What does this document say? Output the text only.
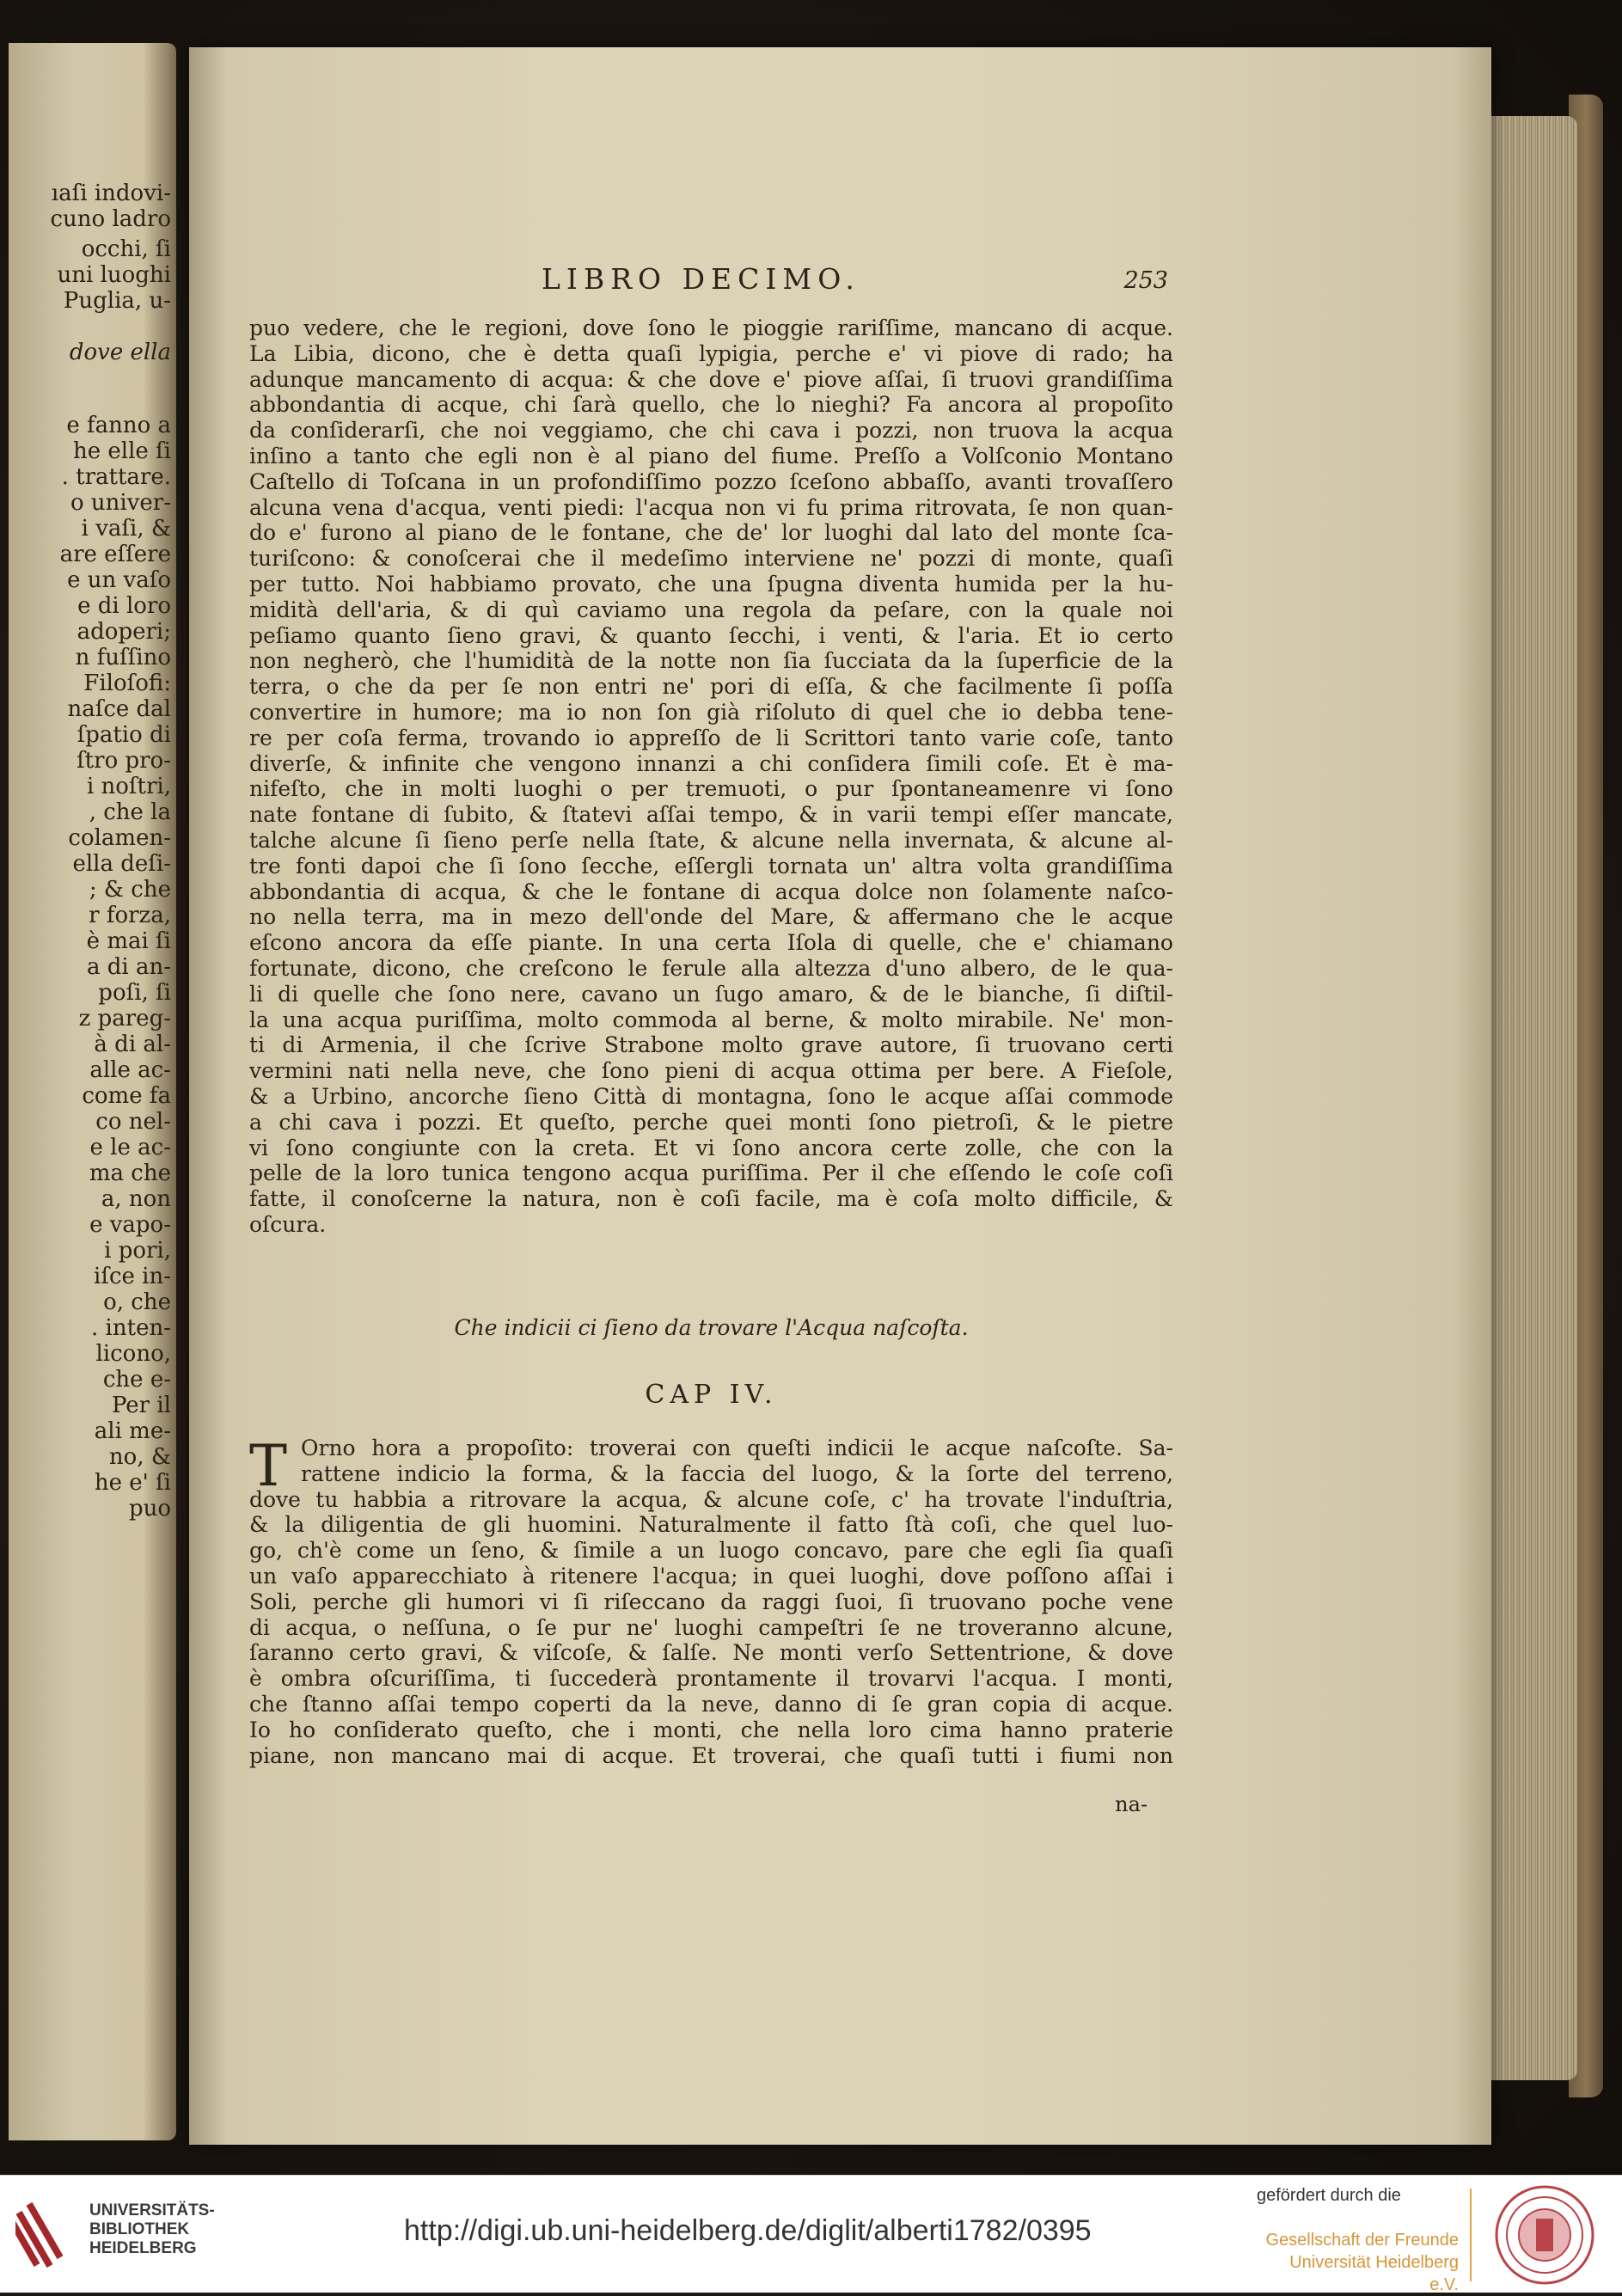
ıaſi indovi-
cuno ladro
occhi, ſi
uni luoghi
Puglia, u-
dove ella
e fanno a
he elle ſi
. trattare.
o univer-
i vaſi, &
are eſſere
e un vaſo
e di loro
adoperi;
n fuſſino
Filoſofi:
naſce dal
ſpatio di
ſtro pro-
i noſtri,
, che la
colamen-
ella deſi-
; & che
r forza,
è mai ſi
a di an-
poſi, ſi
z pareg-
à di al-
alle ac-
come fa
co nel-
e le ac-
ma che
a, non
e vapo-
i pori,
iſce in-
o, che
. inten-
licono,
che e-
Per il
ali me-
no, &
he e' ſi
puo
LIBRO DECIMO.	253
puo vedere, che le regioni, dove ſono le pioggie rariſſime, mancano di acque.
La Libia, dicono, che è detta quaſi lypigia, perche e' vi piove di rado; ha
adunque mancamento di acqua: & che dove e' piove aſſai, ſi truovi grandiſſima
abbondantia di acque, chi ſarà quello, che lo nieghi? Fa ancora al propoſito
da conſiderarſi, che noi veggiamo, che chi cava i pozzi, non truova la acqua
inſino a tanto che egli non è al piano del fiume. Preſſo a Volſconio Montano
Caſtello di Toſcana in un profondiſſimo pozzo ſceſono abbaſſo, avanti trovaſſero
alcuna vena d'acqua, venti piedi: l'acqua non vi fu prima ritrovata, ſe non quan-
do e' furono al piano de le fontane, che de' lor luoghi dal lato del monte ſca-
turiſcono: & conoſcerai che il medeſimo interviene ne' pozzi di monte, quaſi
per tutto. Noi habbiamo provato, che una ſpugna diventa humida per la hu-
midità dell'aria, & di quì caviamo una regola da peſare, con la quale noi
peſiamo quanto ſieno gravi, & quanto ſecchi, i venti, & l'aria. Et io certo
non negherò, che l'humidità de la notte non ſia ſucciata da la ſuperficie de la
terra, o che da per ſe non entri ne' pori di eſſa, & che facilmente ſi poſſa
convertire in humore; ma io non ſon già riſoluto di quel che io debba tene-
re per coſa ferma, trovando io appreſſo de li Scrittori tanto varie coſe, tanto
diverſe, & infinite che vengono innanzi a chi conſidera ſimili coſe. Et è ma-
nifeſto, che in molti luoghi o per tremuoti, o pur ſpontaneamenre vi ſono
nate fontane di ſubito, & ſtatevi aſſai tempo, & in varii tempi eſſer mancate,
talche alcune ſi ſieno perſe nella ſtate, & alcune nella invernata, & alcune al-
tre fonti dapoi che ſi ſono ſecche, eſſergli tornata un' altra volta grandiſſima
abbondantia di acqua, & che le fontane di acqua dolce non ſolamente naſco-
no nella terra, ma in mezo dell'onde del Mare, & affermano che le acque
eſcono ancora da eſſe piante. In una certa Iſola di quelle, che e' chiamano
fortunate, dicono, che creſcono le ferule alla altezza d'uno albero, de le qua-
li di quelle che ſono nere, cavano un ſugo amaro, & de le bianche, ſi diſtil-
la una acqua puriſſima, molto commoda al berne, & molto mirabile. Ne' mon-
ti di Armenia, il che ſcrive Strabone molto grave autore, ſi truovano certi
vermini nati nella neve, che ſono pieni di acqua ottima per bere. A Fieſole,
& a Urbino, ancorche ſieno Città di montagna, ſono le acque aſſai commode
a chi cava i pozzi. Et queſto, perche quei monti ſono pietroſi, & le pietre
vi ſono congiunte con la creta. Et vi ſono ancora certe zolle, che con la
pelle de la loro tunica tengono acqua puriſſima. Per il che eſſendo le coſe coſi
fatte, il conoſcerne la natura, non è coſi facile, ma è coſa molto difficile, &
oſcura.
Che indicii ci ſieno da trovare l'Acqua naſcoſta.
CAP IV.
T Orno hora a propoſito: troverai con queſti indicii le acque naſcoſte. Sa-
rattene indicio la forma, & la faccia del luogo, & la ſorte del terreno,
dove tu habbia a ritrovare la acqua, & alcune coſe, c' ha trovate l'induſtria,
& la diligentia de gli huomini. Naturalmente il fatto ſtà coſi, che quel luo-
go, ch'è come un ſeno, & ſimile a un luogo concavo, pare che egli ſia quaſi
un vaſo apparecchiato à ritenere l'acqua; in quei luoghi, dove poſſono aſſai i
Soli, perche gli humori vi ſi riſeccano da raggi ſuoi, ſi truovano poche vene
di acqua, o neſſuna, o ſe pur ne' luoghi campeſtri ſe ne troveranno alcune,
ſaranno certo gravi, & viſcoſe, & ſalſe. Ne monti verſo Settentrione, & dove
è ombra oſcuriſſima, ti ſuccederà prontamente il trovarvi l'acqua. I monti,
che ſtanno aſſai tempo coperti da la neve, danno di ſe gran copia di acque.
Io ho conſiderato queſto, che i monti, che nella loro cima hanno praterie
piane, non mancano mai di acque. Et troverai, che quaſi tutti i fiumi non
na-
UNIVERSITÄTS-
BIBLIOTHEK
HEIDELBERG
http://digi.ub.uni-heidelberg.de/diglit/alberti1782/0395
gefördert durch die
Gesellschaft der Freunde
Universität Heidelberg e.V.
